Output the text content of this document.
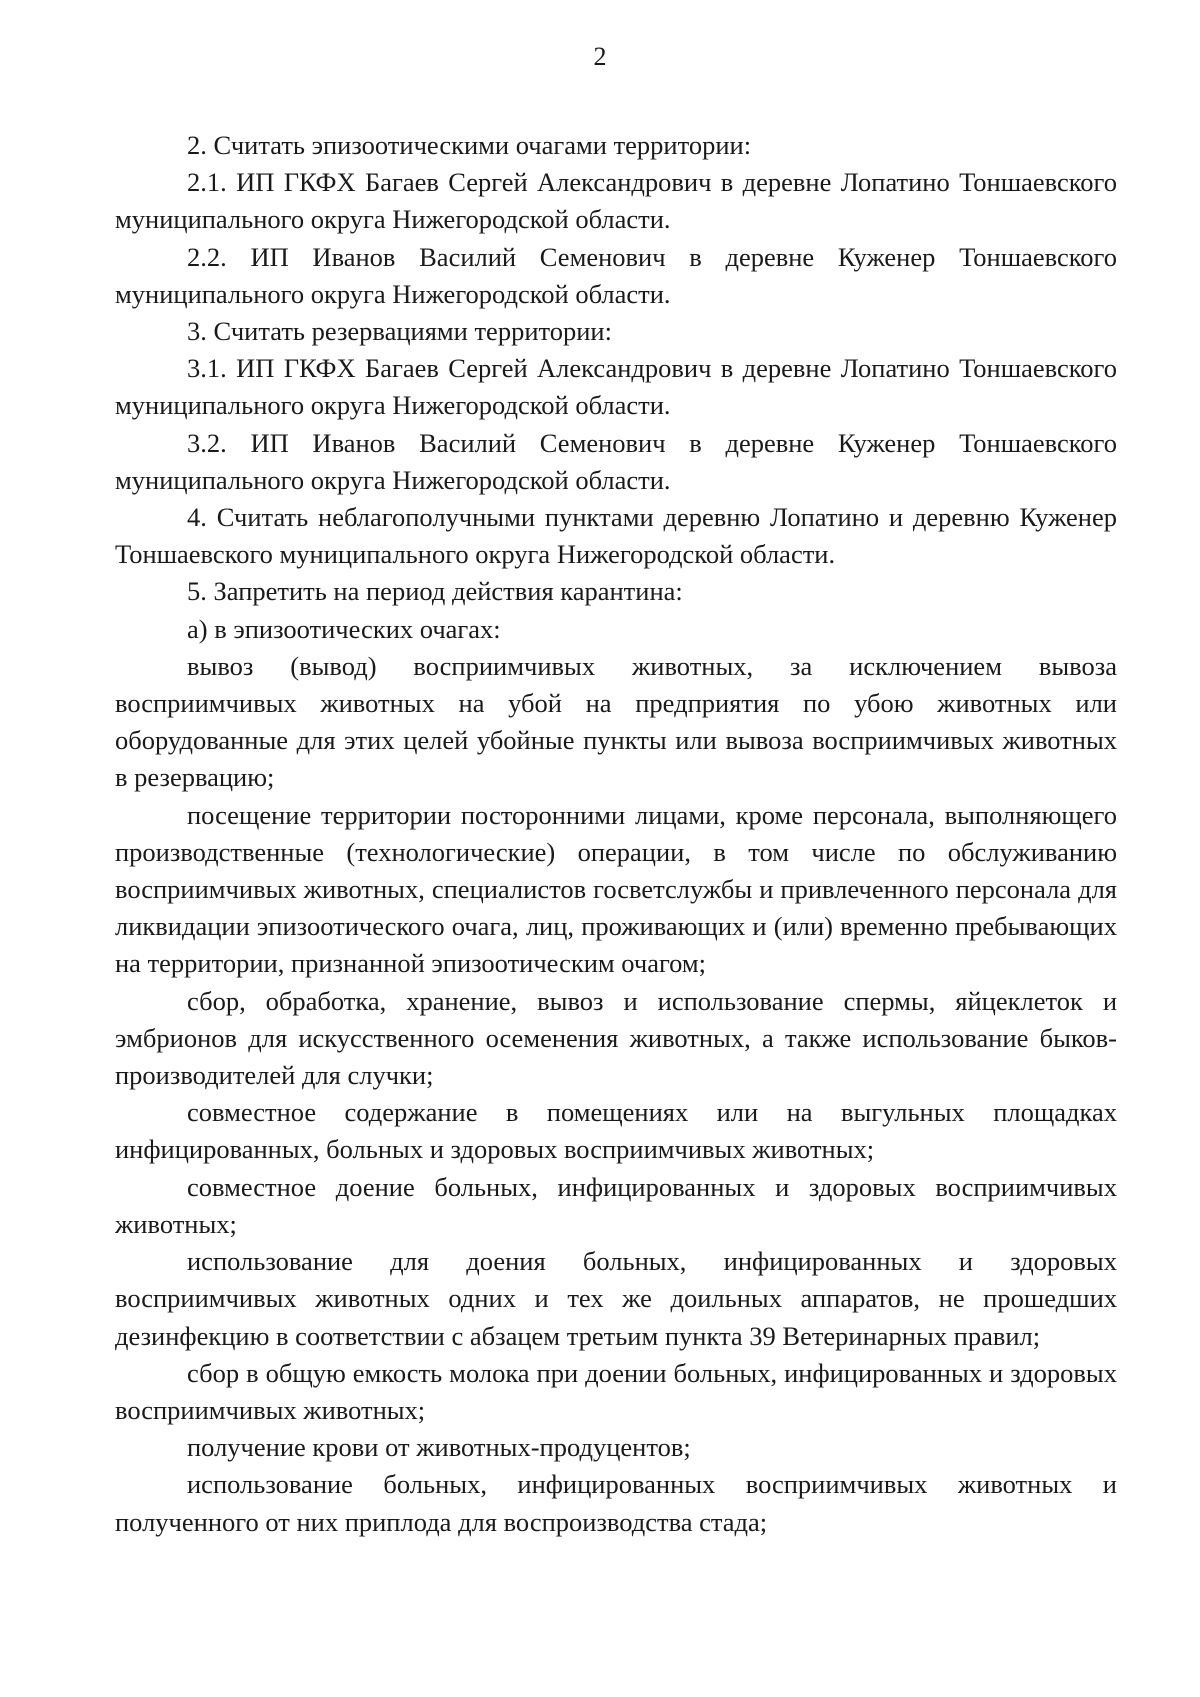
2

2. Считать эпизоотическими очагами территории:

2.1. ИП ГКФХ Багаев Сергей Александрович в деревне Лопатино Тоншаевского муниципального округа Нижегородской области.

2.2. ИП Иванов Василий Семенович в деревне Куженер Тоншаевского муниципального округа Нижегородской области.

3. Считать резервациями территории:

3.1. ИП ГКФХ Багаев Сергей Александрович в деревне Лопатино Тоншаевского муниципального округа Нижегородской области.

3.2. ИП Иванов Василий Семенович в деревне Куженер Тоншаевского муниципального округа Нижегородской области.

4. Считать неблагополучными пунктами деревню Лопатино и деревню Куженер Тоншаевского муниципального округа Нижегородской области.

5. Запретить на период действия карантина:

а) в эпизоотических очагах:

вывоз (вывод) восприимчивых животных, за исключением вывоза восприимчивых животных на убой на предприятия по убою животных или оборудованные для этих целей убойные пункты или вывоза восприимчивых животных в резервацию;

посещение территории посторонними лицами, кроме персонала, выполняющего производственные (технологические) операции, в том числе по обслуживанию восприимчивых животных, специалистов госветслужбы и привлеченного персонала для ликвидации эпизоотического очага, лиц, проживающих и (или) временно пребывающих на территории, признанной эпизоотическим очагом;

сбор, обработка, хранение, вывоз и использование спермы, яйцеклеток и эмбрионов для искусственного осеменения животных, а также использование быков-производителей для случки;

совместное содержание в помещениях или на выгульных площадках инфицированных, больных и здоровых восприимчивых животных;

совместное доение больных, инфицированных и здоровых восприимчивых животных;

использование для доения больных, инфицированных и здоровых восприимчивых животных одних и тех же доильных аппаратов, не прошедших дезинфекцию в соответствии с абзацем третьим пункта 39 Ветеринарных правил;

сбор в общую емкость молока при доении больных, инфицированных и здоровых восприимчивых животных;

получение крови от животных-продуцентов;

использование больных, инфицированных восприимчивых животных и полученного от них приплода для воспроизводства стада;
